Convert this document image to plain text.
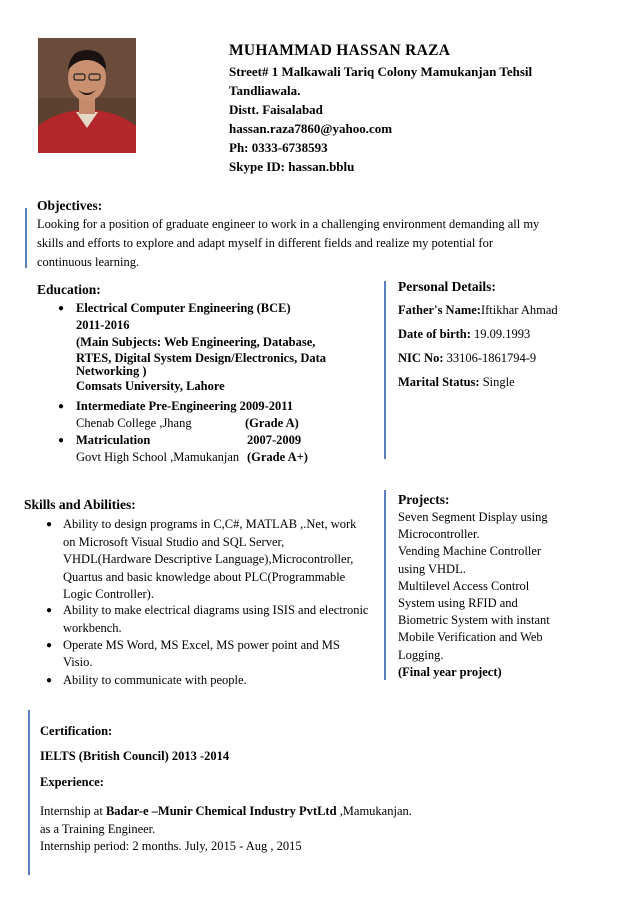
MUHAMMAD HASSAN RAZA
Street# 1 Malkawali Tariq Colony Mamukanjan Tehsil
Tandliawala.
Distt. Faisalabad
hassan.raza7860@yahoo.com
Ph: 0333-6738593
Skype ID: hassan.bblu
Objectives:
Looking for a position of graduate engineer to work in a challenging environment demanding all my
skills and efforts to explore and adapt myself in different fields and realize my potential for
continuous learning.
Education:
● Electrical Computer Engineering (BCE)
2011-2016
(Main Subjects: Web Engineering, Database,
RTES, Digital System Design/Electronics, Data
Networking )
Comsats University, Lahore
● Intermediate Pre-Engineering 2009-2011
Chenab College ,Jhang	(Grade A)
● Matriculation	2007-2009
Govt High School ,Mamukanjan (Grade A+)
Personal Details:
Father's Name:Iftikhar Ahmad
Date of birth: 19.09.1993
NIC No: 33106-1861794-9
Marital Status: Single
Skills and Abilities:
● Ability to design programs in C,C#, MATLAB ,.Net, work
on Microsoft Visual Studio and SQL Server,
VHDL(Hardware Descriptive Language),Microcontroller,
Quartus and basic knowledge about PLC(Programmable
Logic Controller).
● Ability to make electrical diagrams using ISIS and electronic
workbench.
● Operate MS Word, MS Excel, MS power point and MS
Visio.
● Ability to communicate with people.
Projects:
Seven Segment Display using
Microcontroller.
Vending Machine Controller
using VHDL.
Multilevel Access Control
System using RFID and
Biometric System with instant
Mobile Verification and Web
Logging.
(Final year project)
Certification:
IELTS (British Council) 2013 -2014
Experience:
Internship at Badar-e –Munir Chemical Industry PvtLtd ,Mamukanjan.
as a Training Engineer.
Internship period: 2 months. July, 2015 - Aug , 2015
